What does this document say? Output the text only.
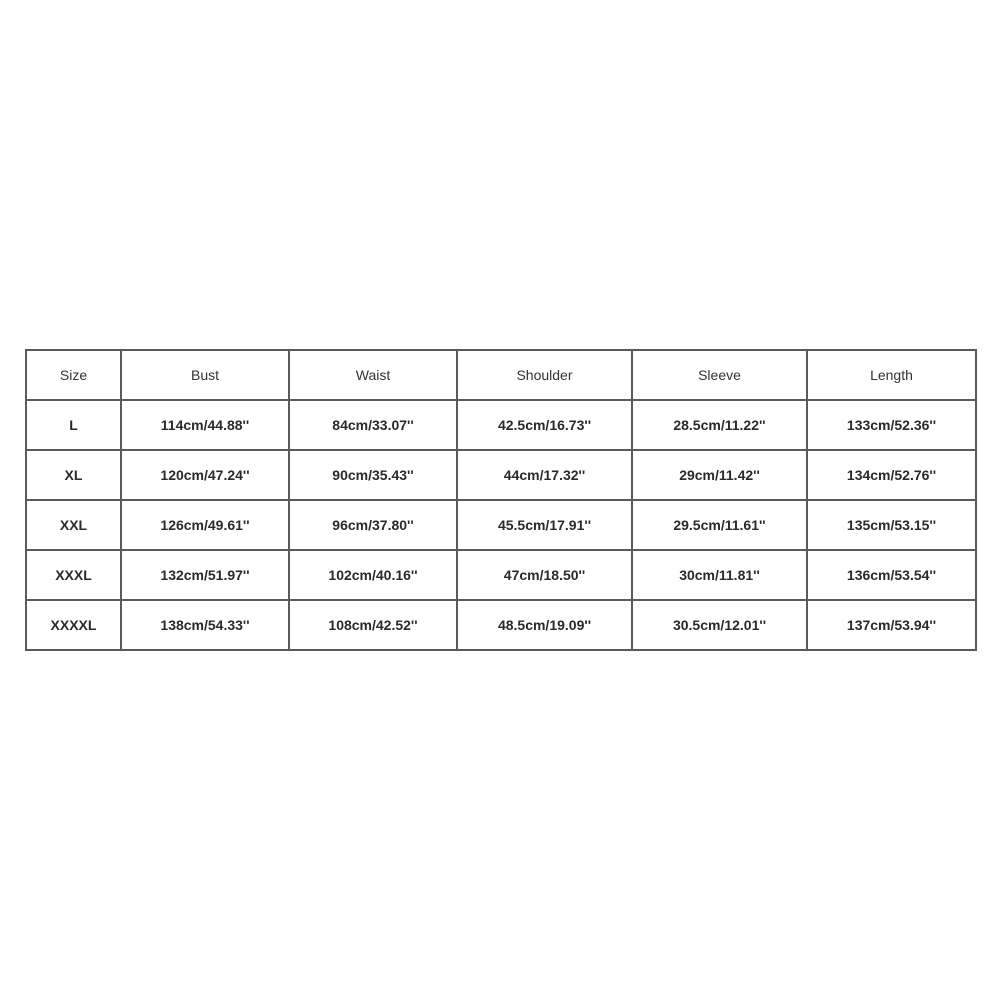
Size	Bust	Waist	Shoulder	Sleeve	Length
L	114cm/44.88''	84cm/33.07''	42.5cm/16.73''	28.5cm/11.22''	133cm/52.36''
XL	120cm/47.24''	90cm/35.43''	44cm/17.32''	29cm/11.42''	134cm/52.76''
XXL	126cm/49.61''	96cm/37.80''	45.5cm/17.91''	29.5cm/11.61''	135cm/53.15''
XXXL	132cm/51.97''	102cm/40.16''	47cm/18.50''	30cm/11.81''	136cm/53.54''
XXXXL	138cm/54.33''	108cm/42.52''	48.5cm/19.09''	30.5cm/12.01''	137cm/53.94''
